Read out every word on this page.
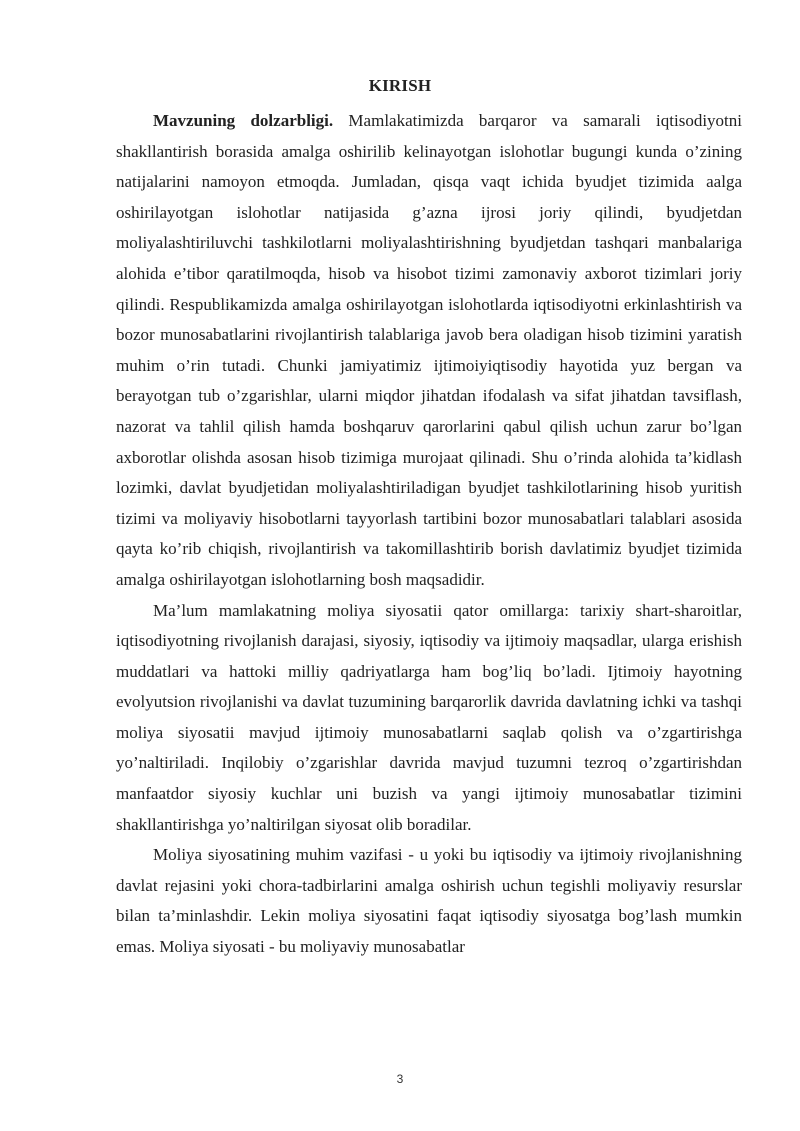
KIRISH

Mavzuning dolzarbligi. Mamlakatimizda barqaror va samarali iqtisodiyotni shakllantirish borasida amalga oshirilib kelinayotgan islohotlar bugungi kunda o’zining natijalarini namoyon etmoqda. Jumladan, qisqa vaqt ichida byudjet tizimida aalga oshirilayotgan islohotlar natijasida g’azna ijrosi joriy qilindi, byudjetdan moliyalashtiriluvchi tashkilotlarni moliyalashtirishning byudjetdan tashqari manbalariga alohida e’tibor qaratilmoqda, hisob va hisobot tizimi zamonaviy axborot tizimlari joriy qilindi. Respublikamizda amalga oshirilayotgan islohotlarda iqtisodiyotni erkinlashtirish va bozor munosabatlarini rivojlantirish talablariga javob bera oladigan hisob tizimini yaratish muhim o’rin tutadi. Chunki jamiyatimiz ijtimoiyiqtisodiy hayotida yuz bergan va berayotgan tub o’zgarishlar, ularni miqdor jihatdan ifodalash va sifat jihatdan tavsiflash, nazorat va tahlil qilish hamda boshqaruv qarorlarini qabul qilish uchun zarur bo’lgan axborotlar olishda asosan hisob tizimiga murojaat qilinadi. Shu o’rinda alohida ta’kidlash lozimki, davlat byudjetidan moliyalashtiriladigan byudjet tashkilotlarining hisob yuritish tizimi va moliyaviy hisobotlarni tayyorlash tartibini bozor munosabatlari talablari asosida qayta ko’rib chiqish, rivojlantirish va takomillashtirib borish davlatimiz byudjet tizimida amalga oshirilayotgan islohotlarning bosh maqsadidir.

Ma’lum mamlakatning moliya siyosatii qator omillarga: tarixiy shart-sharoitlar, iqtisodiyotning rivojlanish darajasi, siyosiy, iqtisodiy va ijtimoiy maqsadlar, ularga erishish muddatlari va hattoki milliy qadriyatlarga ham bog’liq bo’ladi. Ijtimoiy hayotning evolyutsion rivojlanishi va davlat tuzumining barqarorlik davrida davlatning ichki va tashqi moliya siyosatii mavjud ijtimoiy munosabatlarni saqlab qolish va o’zgartirishga yo’naltiriladi. Inqilobiy o’zgarishlar davrida mavjud tuzumni tezroq o’zgartirishdan manfaatdor siyosiy kuchlar uni buzish va yangi ijtimoiy munosabatlar tizimini shakllantirishga yo’naltirilgan siyosat olib boradilar.

Moliya siyosatining muhim vazifasi - u yoki bu iqtisodiy va ijtimoiy rivojlanishning davlat rejasini yoki chora-tadbirlarini amalga oshirish uchun tegishli moliyaviy resurslar bilan ta’minlashdir. Lekin moliya siyosatini faqat iqtisodiy siyosatga bog’lash mumkin emas. Moliya siyosati - bu moliyaviy munosabatlar

3
